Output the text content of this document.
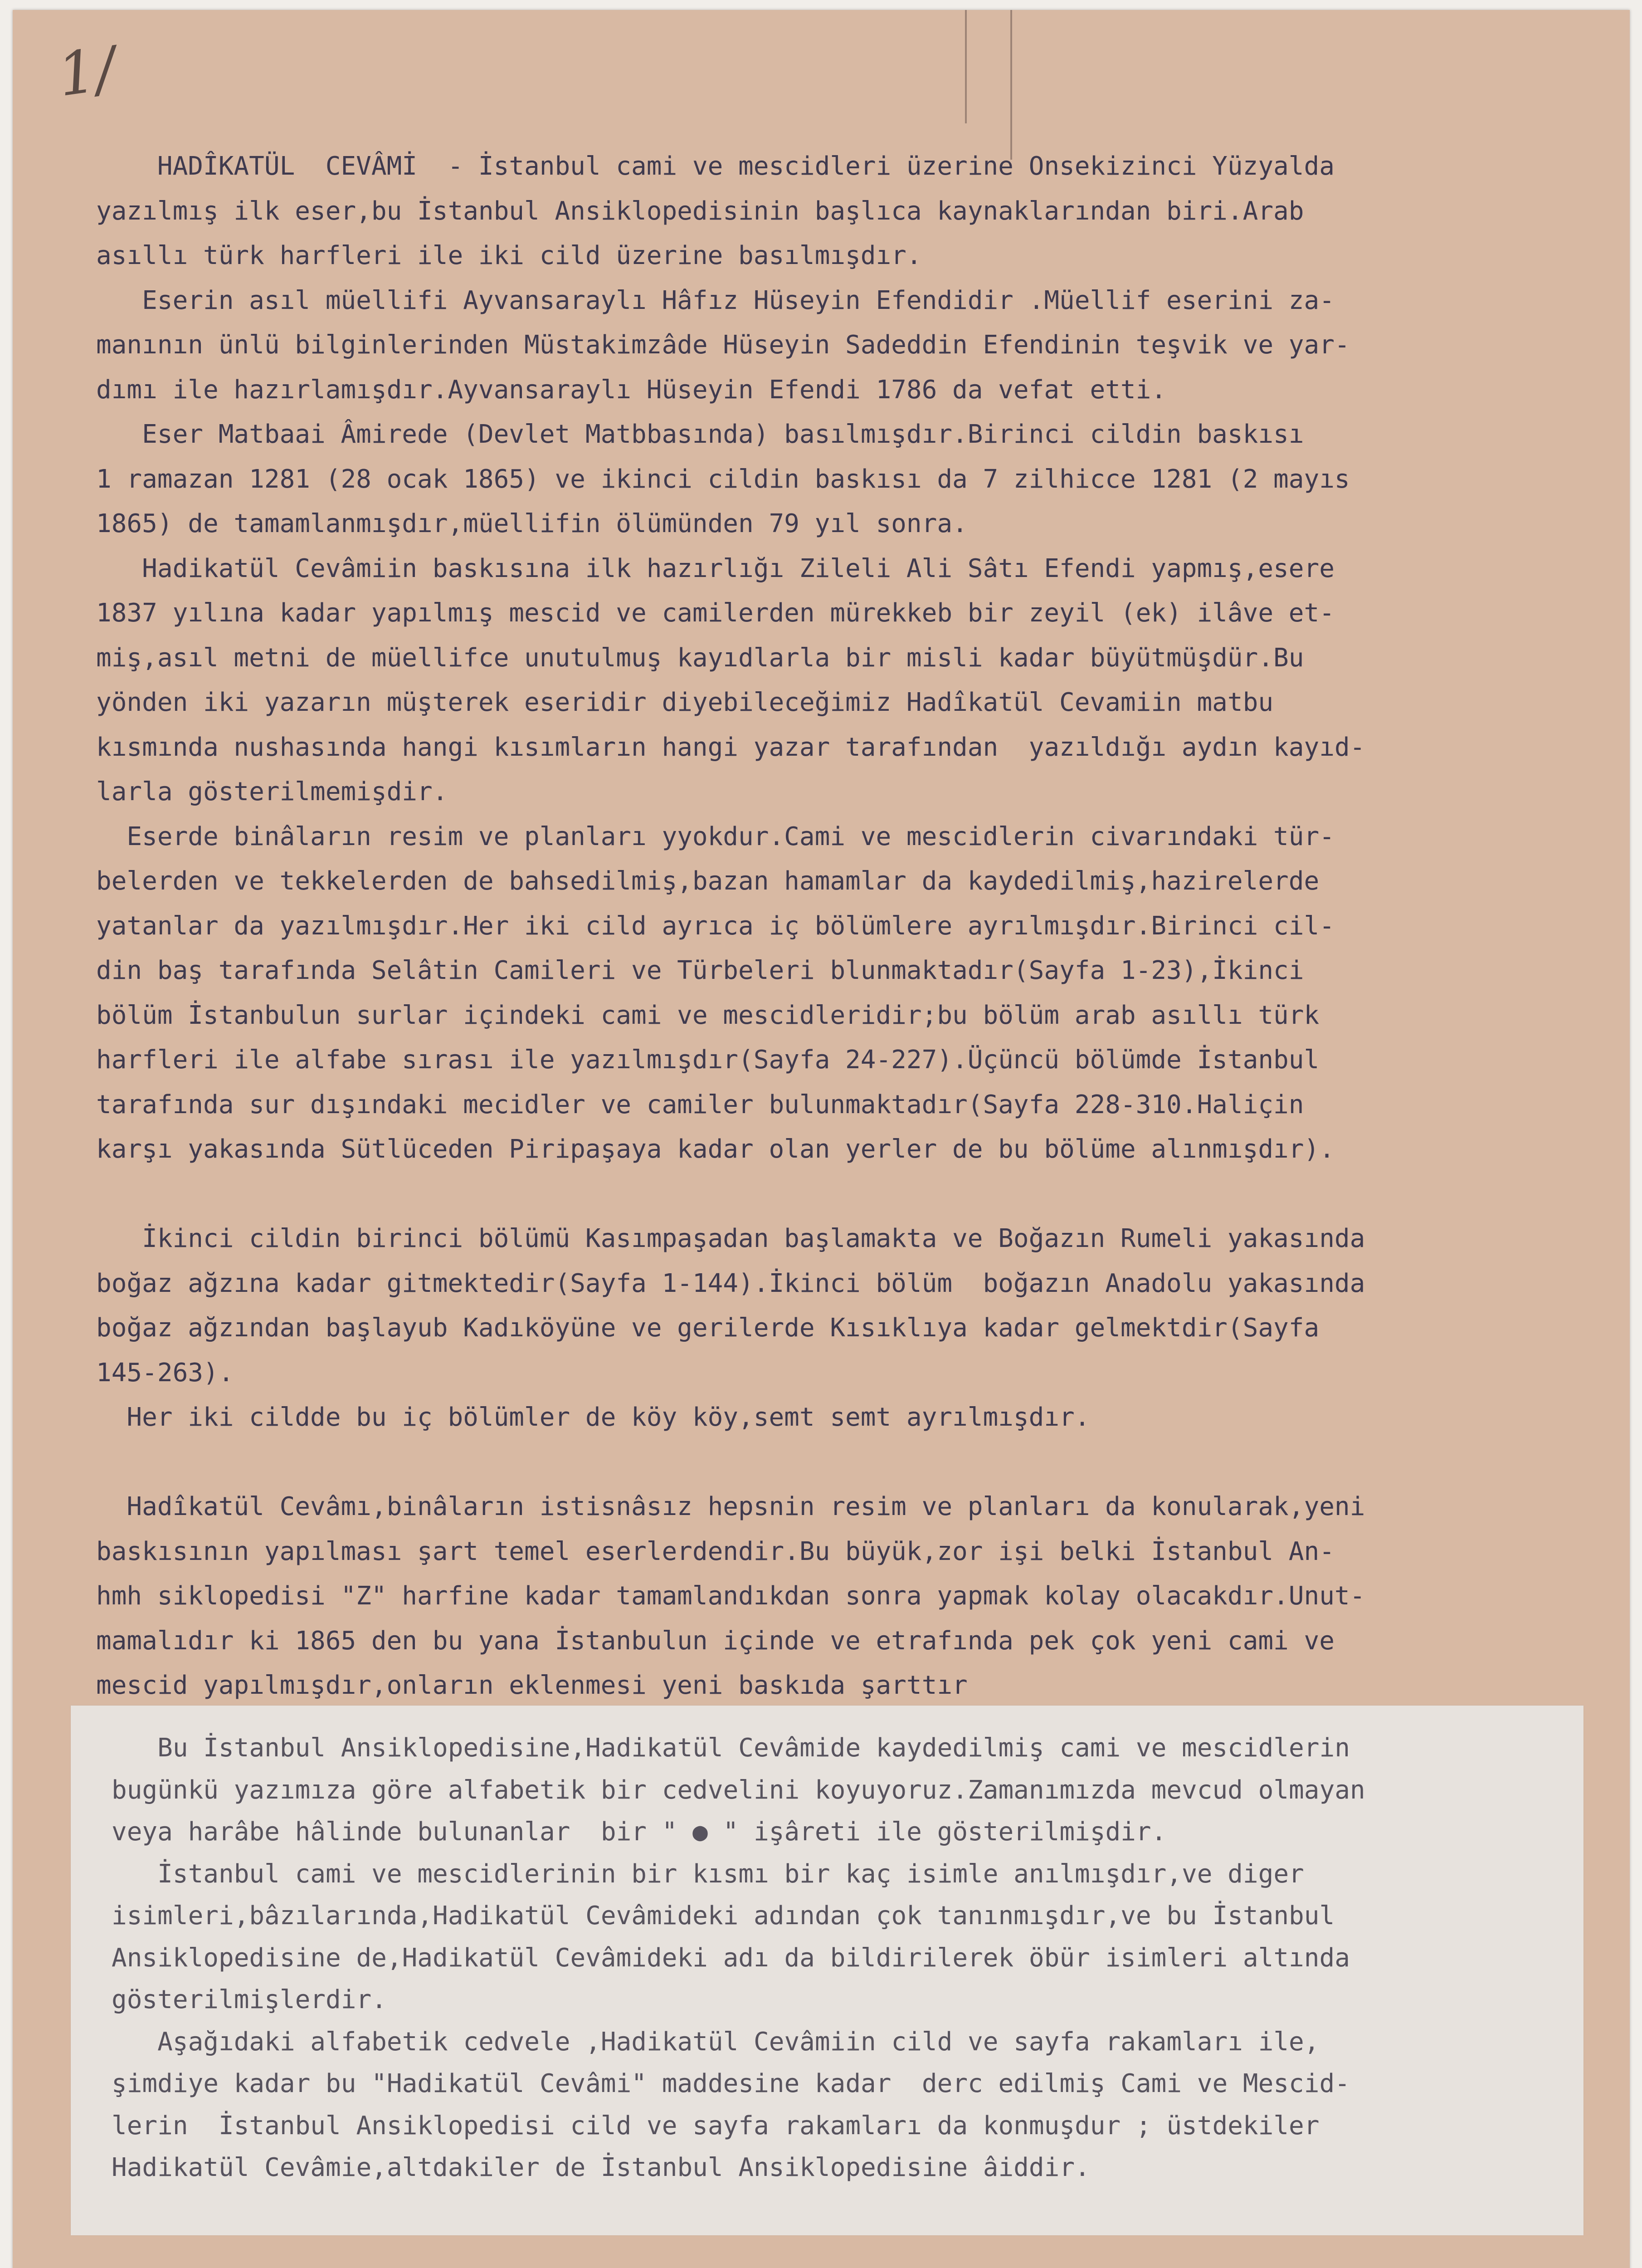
1/
HADÎKATÜL  CEVÂMİ  - İstanbul cami ve mescidleri üzerine Onsekizinci Yüzyalda
yazılmış ilk eser,bu İstanbul Ansiklopedisinin başlıca kaynaklarından biri.Arab
asıllı türk harfleri ile iki cild üzerine basılmışdır.
Eserin asıl müellifi Ayvansaraylı Hâfız Hüseyin Efendidir .Müellif eserini za-
manının ünlü bilginlerinden Müstakimzâde Hüseyin Sadeddin Efendinin teşvik ve yar-
dımı ile hazırlamışdır.Ayvansaraylı Hüseyin Efendi 1786 da vefat etti.
Eser Matbaai Âmirede (Devlet Matbbasında) basılmışdır.Birinci cildin baskısı
1 ramazan 1281 (28 ocak 1865) ve ikinci cildin baskısı da 7 zilhicce 1281 (2 mayıs
1865) de tamamlanmışdır,müellifin ölümünden 79 yıl sonra.
Hadikatül Cevâmiin baskısına ilk hazırlığı Zileli Ali Sâtı Efendi yapmış,esere
1837 yılına kadar yapılmış mescid ve camilerden mürekkeb bir zeyil (ek) ilâve et-
miş,asıl metni de müellifce unutulmuş kayıdlarla bir misli kadar büyütmüşdür.Bu
yönden iki yazarın müşterek eseridir diyebileceğimiz Hadîkatül Cevamiin matbu
kısmında nushasında hangi kısımların hangi yazar tarafından  yazıldığı aydın kayıd-
larla gösterilmemişdir.
Eserde binâların resim ve planları yyokdur.Cami ve mescidlerin civarındaki tür-
belerden ve tekkelerden de bahsedilmiş,bazan hamamlar da kaydedilmiş,hazirelerde
yatanlar da yazılmışdır.Her iki cild ayrıca iç bölümlere ayrılmışdır.Birinci cil-
din baş tarafında Selâtin Camileri ve Türbeleri blunmaktadır(Sayfa 1-23),İkinci
bölüm İstanbulun surlar içindeki cami ve mescidleridir;bu bölüm arab asıllı türk
harfleri ile alfabe sırası ile yazılmışdır(Sayfa 24-227).Üçüncü bölümde İstanbul
tarafında sur dışındaki mecidler ve camiler bulunmaktadır(Sayfa 228-310.Haliçin
karşı yakasında Sütlüceden Piripaşaya kadar olan yerler de bu bölüme alınmışdır).

İkinci cildin birinci bölümü Kasımpaşadan başlamakta ve Boğazın Rumeli yakasında
boğaz ağzına kadar gitmektedir(Sayfa 1-144).İkinci bölüm  boğazın Anadolu yakasında
boğaz ağzından başlayub Kadıköyüne ve gerilerde Kısıklıya kadar gelmektdir(Sayfa
145-263).
Her iki cildde bu iç bölümler de köy köy,semt semt ayrılmışdır.

Hadîkatül Cevâmı,binâların istisnâsız hepsnin resim ve planları da konularak,yeni
baskısının yapılması şart temel eserlerdendir.Bu büyük,zor işi belki İstanbul An-
hmh siklopedisi "Z" harfine kadar tamamlandıkdan sonra yapmak kolay olacakdır.Unut-
mamalıdır ki 1865 den bu yana İstanbulun içinde ve etrafında pek çok yeni cami ve
mescid yapılmışdır,onların eklenmesi yeni baskıda şarttır
Bu İstanbul Ansiklopedisine,Hadikatül Cevâmide kaydedilmiş cami ve mescidlerin
bugünkü yazımıza göre alfabetik bir cedvelini koyuyoruz.Zamanımızda mevcud olmayan
veya harâbe hâlinde bulunanlar  bir " ● " işâreti ile gösterilmişdir.
İstanbul cami ve mescidlerinin bir kısmı bir kaç isimle anılmışdır,ve diger
isimleri,bâzılarında,Hadikatül Cevâmideki adından çok tanınmışdır,ve bu İstanbul
Ansiklopedisine de,Hadikatül Cevâmideki adı da bildirilerek öbür isimleri altında
gösterilmişlerdir.
Aşağıdaki alfabetik cedvele ,Hadikatül Cevâmiin cild ve sayfa rakamları ile,
şimdiye kadar bu "Hadikatül Cevâmi" maddesine kadar  derc edilmiş Cami ve Mescid-
lerin  İstanbul Ansiklopedisi cild ve sayfa rakamları da konmuşdur ; üstdekiler
Hadikatül Cevâmie,altdakiler de İstanbul Ansiklopedisine âiddir.
